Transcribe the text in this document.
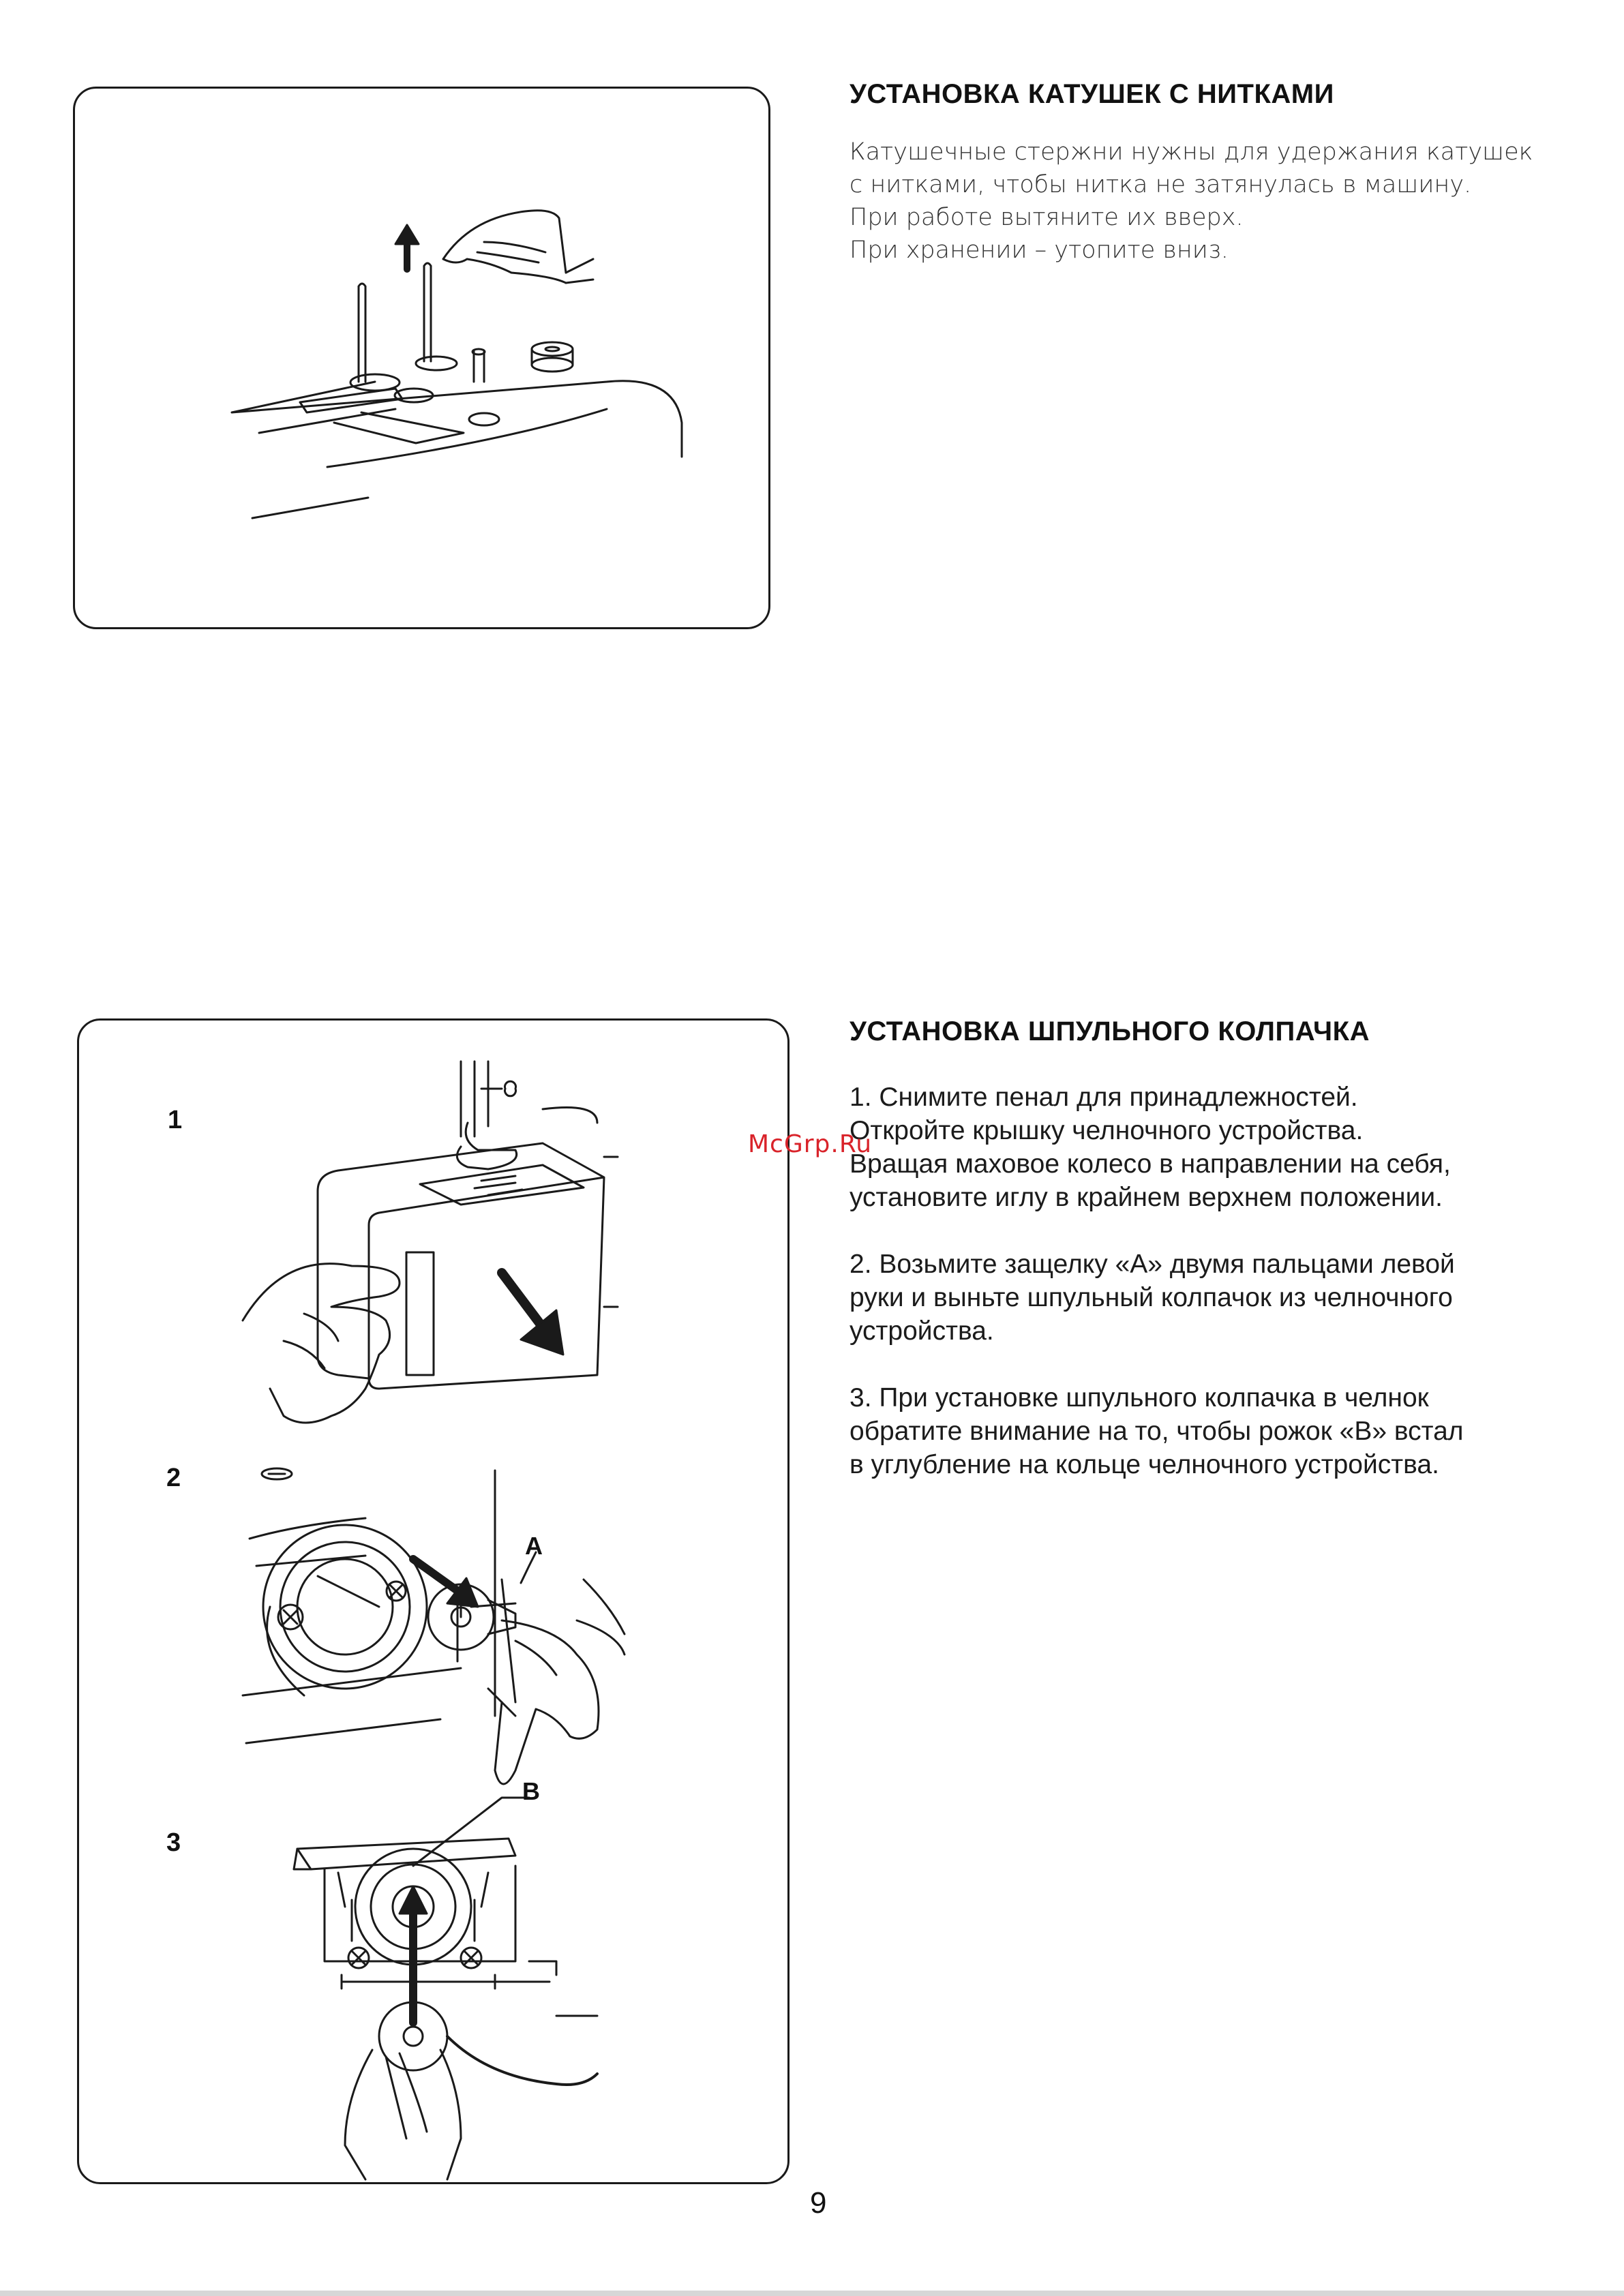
1
2
3
A
B
УСТАНОВКА КАТУШЕК С НИТКАМИ
Катушечные стержни нужны для удержания катушек
с нитками, чтобы нитка не затянулась в машину.
При работе вытяните их вверх.
При хранении – утопите вниз.
УСТАНОВКА ШПУЛЬНОГО КОЛПАЧКА
1. Снимите пенал для принадлежностей.
Откройте крышку челночного устройства.
Вращая маховое колесо в направлении на себя,
установите иглу в крайнем верхнем положении.
2. Возьмите защелку «А» двумя пальцами левой
руки и выньте шпульный колпачок из челночного
устройства.
3. При установке шпульного колпачка в челнок
обратите внимание на то, чтобы рожок «В» встал
в углубление на кольце челночного устройства.
McGrp.Ru
9
